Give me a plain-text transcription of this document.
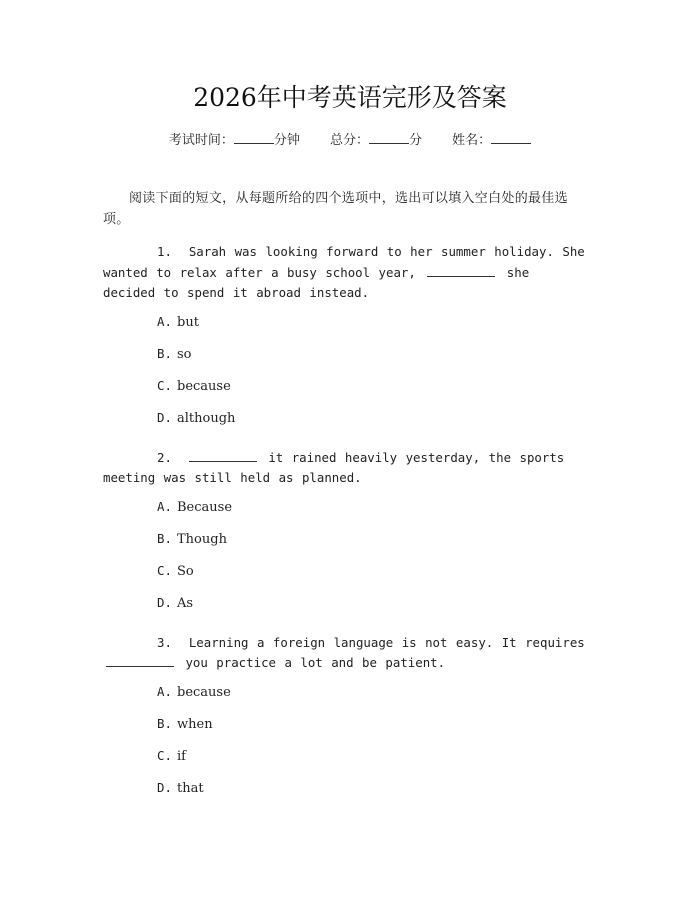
2026年中考英语完形及答案
考试时间：	分钟 总分：	分 姓名：

阅读下面的短文，从每题所给的四个选项中，选出可以填入空白处的最佳选项。

1. Sarah was looking forward to her summer holiday. She wanted to relax after a busy school year,	she decided to spend it abroad instead.

A. but
B. so
C. because
D. although

2.	it rained heavily yesterday, the sports meeting was still held as planned.

A. Because
B. Though
C. So
D. As

3. Learning a foreign language is not easy. It requires  you practice a lot and be patient.

A. because
B. when
C. if
D. that
